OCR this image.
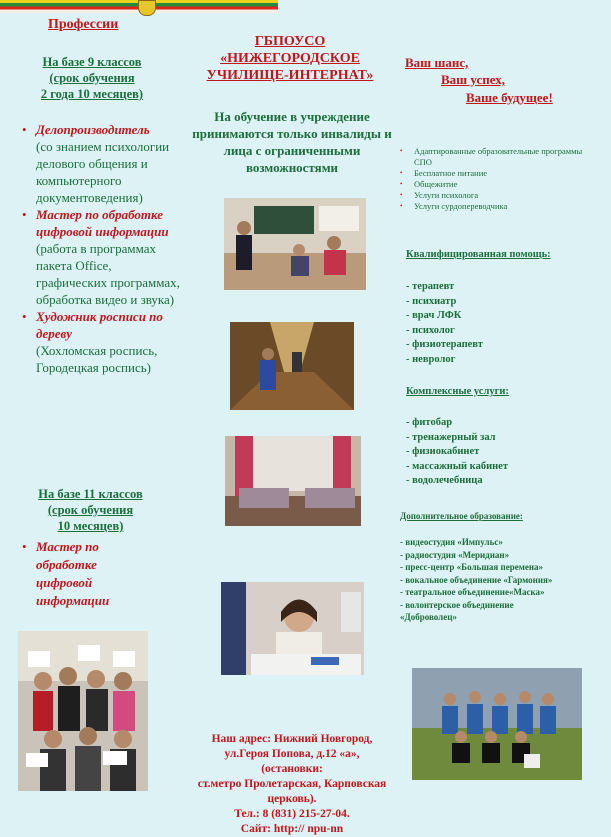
Профессии
На базе 9 классов
(срок обучения
2 года 10 месяцев)
• Делопроизводитель
(со знанием психологии делового общения и компьютерного документоведения)
• Мастер по обработке цифровой информации
(работа в программах пакета Office, графических программах, обработка видео и звука)
• Художник росписи по дереву
(Хохломская роспись, Городецкая роспись)
На базе 11 классов
(срок обучения
10 месяцев)
• Мастер по обработке цифровой информации
ГБПОУСО
«НИЖЕГОРОДСКОЕ
УЧИЛИЩЕ-ИНТЕРНАТ»
На обучение в учреждение принимаются только инвалиды и лица с ограниченными возможностями
Наш адрес: Нижний Новгород,
ул.Героя Попова, д.12 «а»,
(остановки:
ст.метро Пролетарская, Карповская
церковь).
Тел.: 8 (831) 215-27-04.
Сайт: http:// npu-nn
Ваш шанс,
Ваш успех,
Ваше будущее!
• Адаптированные образовательные программы СПО
• Бесплатное питание
• Общежитие
• Услуги психолога
• Услуги сурдопереводчика
Квалифицированная помощь:

- терапевт

- психиатр

- врач ЛФК

- психолог

- физиотерапевт

- невролог

Комплексные услуги:

- фитобар

- тренажерный зал

- физиокабинет

- массажный кабинет

- водолечебница

Дополнительное образование:

- видеостудия «Импульс»

- радиостудия «Меридиан»

- пресс-центр «Большая перемена»

- вокальное объединение «Гармония»

- театральное объединение«Маска»

- волонтерское объединение

«Доброволец»
